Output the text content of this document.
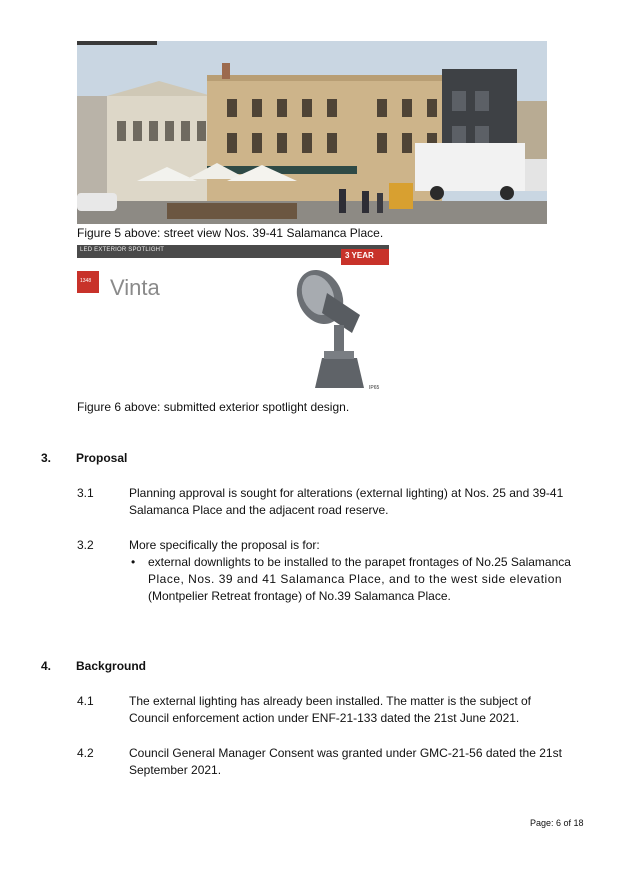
Figure 5 above: street view Nos. 39-41 Salamanca Place.
LED EXTERIOR SPOTLIGHT
3 YEAR
1348 Vinta
IP65
Figure 6 above: submitted exterior spotlight design.
3. Proposal
3.1	Planning approval is sought for alterations (external lighting) at Nos. 25 and 39-41
Salamanca Place and the adjacent road reserve.
3.2	More specifically the proposal is for:
• external downlights to be installed to the parapet frontages of No.25 Salamanca
Place, Nos. 39 and 41 Salamanca Place, and to the west side elevation
(Montpelier Retreat frontage) of No.39 Salamanca Place.
4. Background
4.1	The external lighting has already been installed. The matter is the subject of
Council enforcement action under ENF-21-133 dated the 21st June 2021.
4.2	Council General Manager Consent was granted under GMC-21-56 dated the 21st
September 2021.
Page: 6 of 18
